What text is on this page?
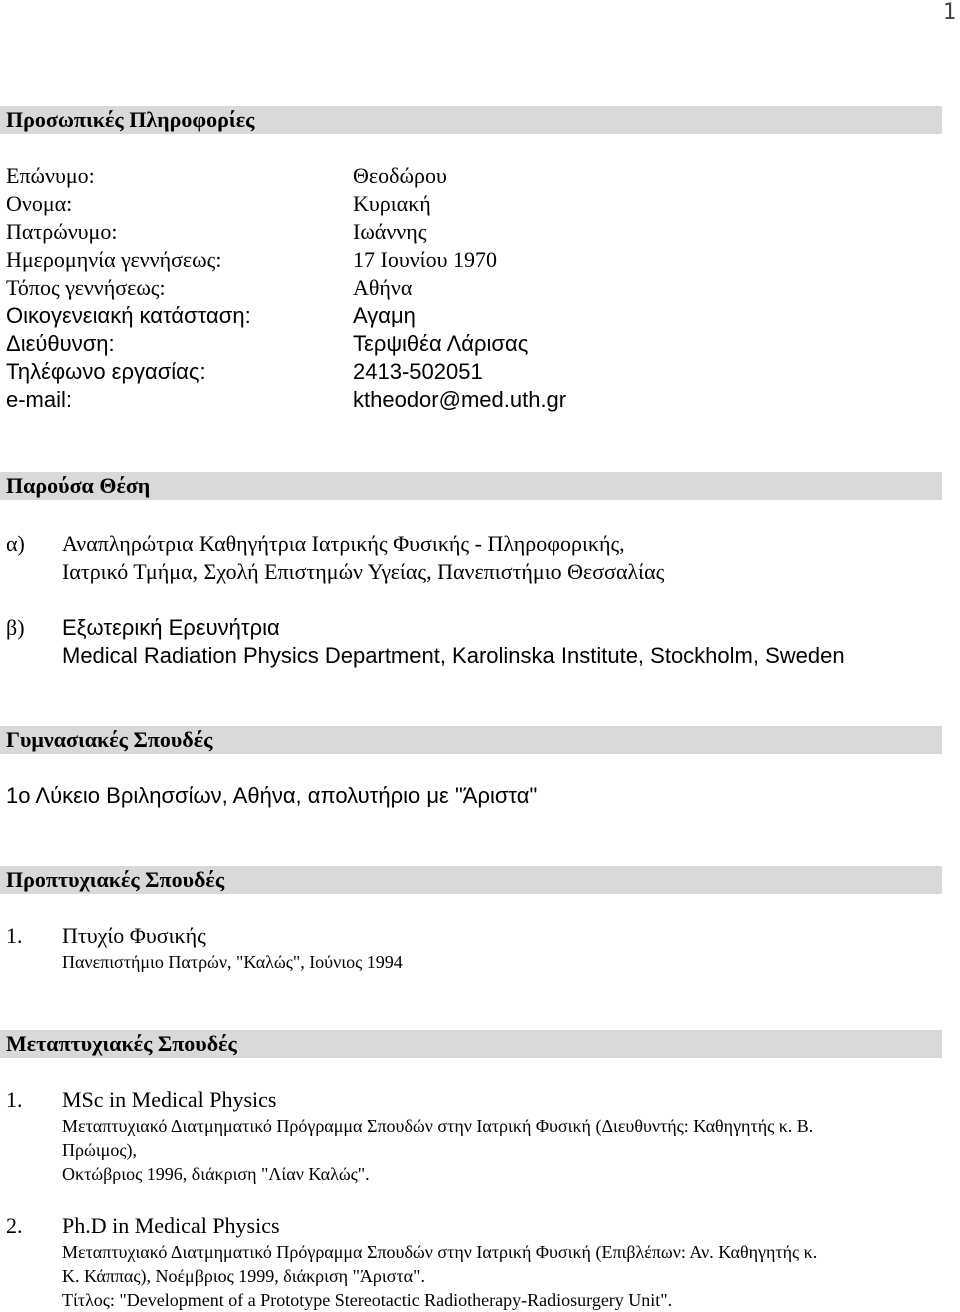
1
Προσωπικές Πληροφορίες
Επώνυμο:	Θεοδώρου
Ονομα:	Κυριακή
Πατρώνυμο:	Ιωάννης
Ημερομηνία γεννήσεως:	17 Ιουνίου 1970
Τόπος γεννήσεως:	Αθήνα
Οικογενειακή κατάσταση:	Αγαμη
Διεύθυνση:	Τερψιθέα Λάρισας
Τηλέφωνο εργασίας:	2413-502051
e-mail:	ktheodor@med.uth.gr
Παρούσα Θέση
α) Αναπληρώτρια Καθηγήτρια Ιατρικής Φυσικής - Πληροφορικής,
Ιατρικό Τμήμα, Σχολή Επιστημών Υγείας, Πανεπιστήμιο Θεσσαλίας
β) Εξωτερική Ερευνήτρια
Medical Radiation Physics Department, Karolinska Institute, Stockholm, Sweden
Γυμνασιακές Σπουδές
1ο Λύκειο Βριλησσίων, Αθήνα, απολυτήριο με "Άριστα"
Προπτυχιακές Σπουδές
1. Πτυχίο Φυσικής
Πανεπιστήμιο Πατρών, "Καλώς", Ιούνιος 1994
Μεταπτυχιακές Σπουδές
1. MSc in Medical Physics
Μεταπτυχιακό Διατμηματικό Πρόγραμμα Σπουδών στην Ιατρική Φυσική (Διευθυντής: Καθηγητής κ. Β.
Πρώιμος),
Οκτώβριος 1996, διάκριση "Λίαν Καλώς".
2. Ph.D in Medical Physics
Μεταπτυχιακό Διατμηματικό Πρόγραμμα Σπουδών στην Ιατρική Φυσική (Επιβλέπων: Αν. Καθηγητής κ.
Κ. Κάππας), Νοέμβριος 1999, διάκριση "Άριστα".
Τίτλος: "Development of a Prototype Stereotactic Radiotherapy-Radiosurgery Unit".
